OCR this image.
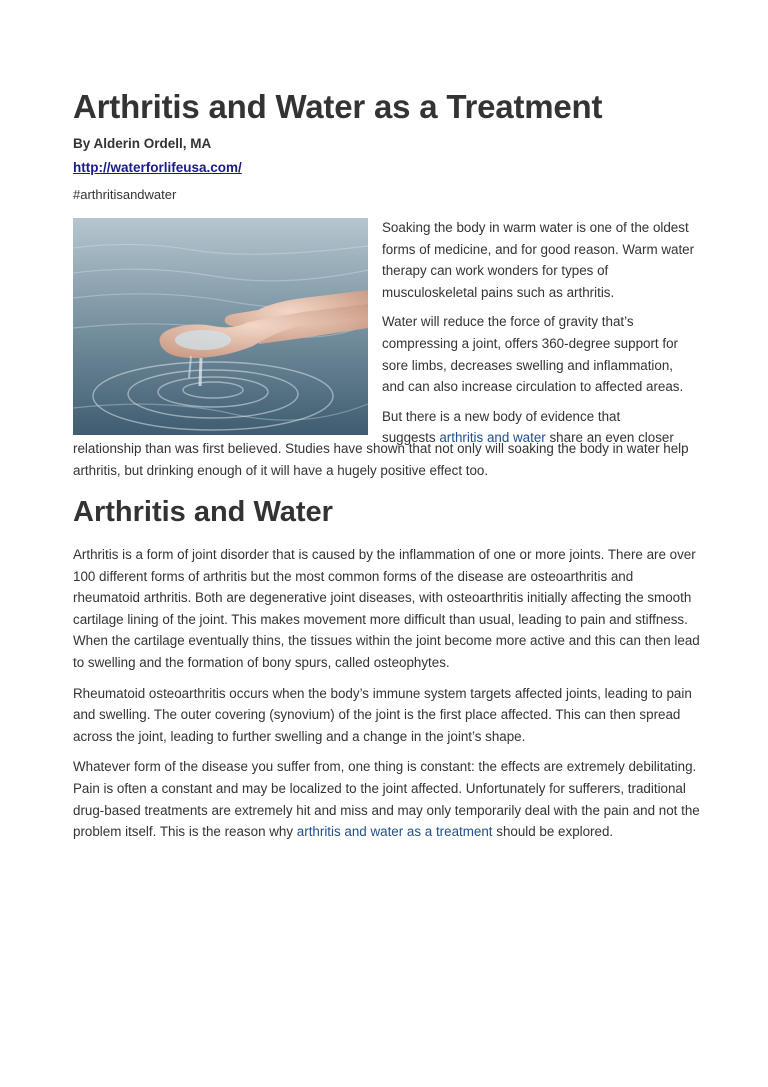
Arthritis and Water as a Treatment
By Alderin Ordell, MA
http://waterforlifeusa.com/
#arthritisandwater

Soaking the body in warm water is one of the oldest forms of medicine, and for good reason. Warm water therapy can work wonders for types of musculoskeletal pains such as arthritis.

Water will reduce the force of gravity that’s compressing a joint, offers 360-degree support for sore limbs, decreases swelling and inflammation, and can also increase circulation to affected areas.

But there is a new body of evidence that
suggests arthritis and water share an even closer

relationship than was first believed. Studies have shown that not only will soaking the body in water help arthritis, but drinking enough of it will have a hugely positive effect too.

Arthritis and Water

Arthritis is a form of joint disorder that is caused by the inflammation of one or more joints. There are over 100 different forms of arthritis but the most common forms of the disease are osteoarthritis and rheumatoid arthritis. Both are degenerative joint diseases, with osteoarthritis initially affecting the smooth cartilage lining of the joint. This makes movement more difficult than usual, leading to pain and stiffness. When the cartilage eventually thins, the tissues within the joint become more active and this can then lead to swelling and the formation of bony spurs, called osteophytes.

Rheumatoid osteoarthritis occurs when the body’s immune system targets affected joints, leading to pain and swelling. The outer covering (synovium) of the joint is the first place affected. This can then spread across the joint, leading to further swelling and a change in the joint’s shape.

Whatever form of the disease you suffer from, one thing is constant: the effects are extremely debilitating. Pain is often a constant and may be localized to the joint affected. Unfortunately for sufferers, traditional drug-based treatments are extremely hit and miss and may only temporarily deal with the pain and not the problem itself. This is the reason why arthritis and water as a treatment should be explored.
